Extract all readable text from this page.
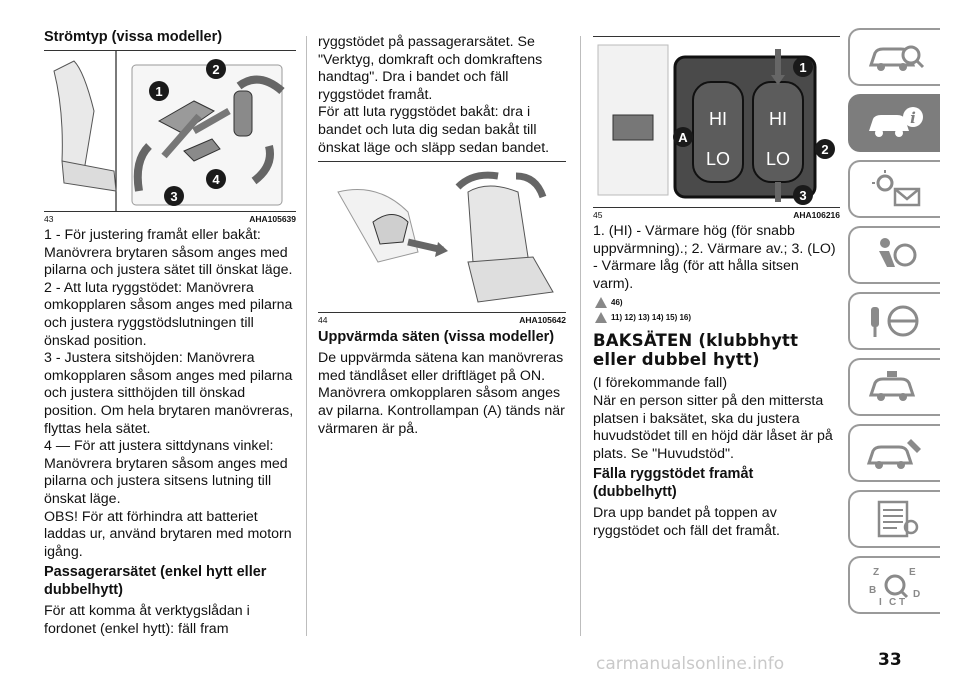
Strömtyp (vissa modeller)
1
2
3
4
43	AHA105639

1 - För justering framåt eller bakåt: Manövrera brytaren såsom anges med pilarna och justera sätet till önskat läge.

2 - Att luta ryggstödet: Manövrera omkopplaren såsom anges med pilarna och justera ryggstödslutningen till önskad position.

3 - Justera sitshöjden: Manövrera omkopplaren såsom anges med pilarna och justera sitthöjden till önskad position. Om hela brytaren manövreras, flyttas hela sätet.

4 — För att justera sittdynans vinkel: Manövrera brytaren såsom anges med pilarna och justera sitsens lutning till önskat läge.

OBS! För att förhindra att batteriet laddas ur, använd brytaren med motorn igång.

Passagerarsätet (enkel hytt eller dubbelhytt)

För att komma åt verktygslådan i fordonet (enkel hytt): fäll fram

ryggstödet på passagerarsätet. Se "Verktyg, domkraft och domkraftens handtag". Dra i bandet och fäll ryggstödet framåt.

För att luta ryggstödet bakåt: dra i bandet och luta dig sedan bakåt till önskat läge och släpp sedan bandet.

44	AHA105642
Uppvärmda säten (vissa modeller)

De uppvärmda sätena kan manövreras med tändlåset eller driftläget på ON. Manövrera omkopplaren såsom anges av pilarna. Kontrollampan (A) tänds när värmaren är på.

HI HI
LO LO
1
2
3
A
45	AHA106216

1. (HI) - Värmare hög (för snabb uppvärmning).; 2. Värmare av.; 3. (LO) - Värmare låg (för att hålla sitsen varm).

46)
11) 12) 13) 14) 15) 16)
BAKSÄTEN (klubbhytt eller dubbel hytt)

(I förekommande fall)

När en person sitter på den mittersta platsen i baksätet, ska du justera huvudstödet till en höjd där låset är på plats. Se "Huvudstöd".

Fälla ryggstödet framåt (dubbelhytt)

Dra upp bandet på toppen av ryggstödet och fäll det framåt.

i
Z	E
B	D
I C T
carmanualsonline.info	33
